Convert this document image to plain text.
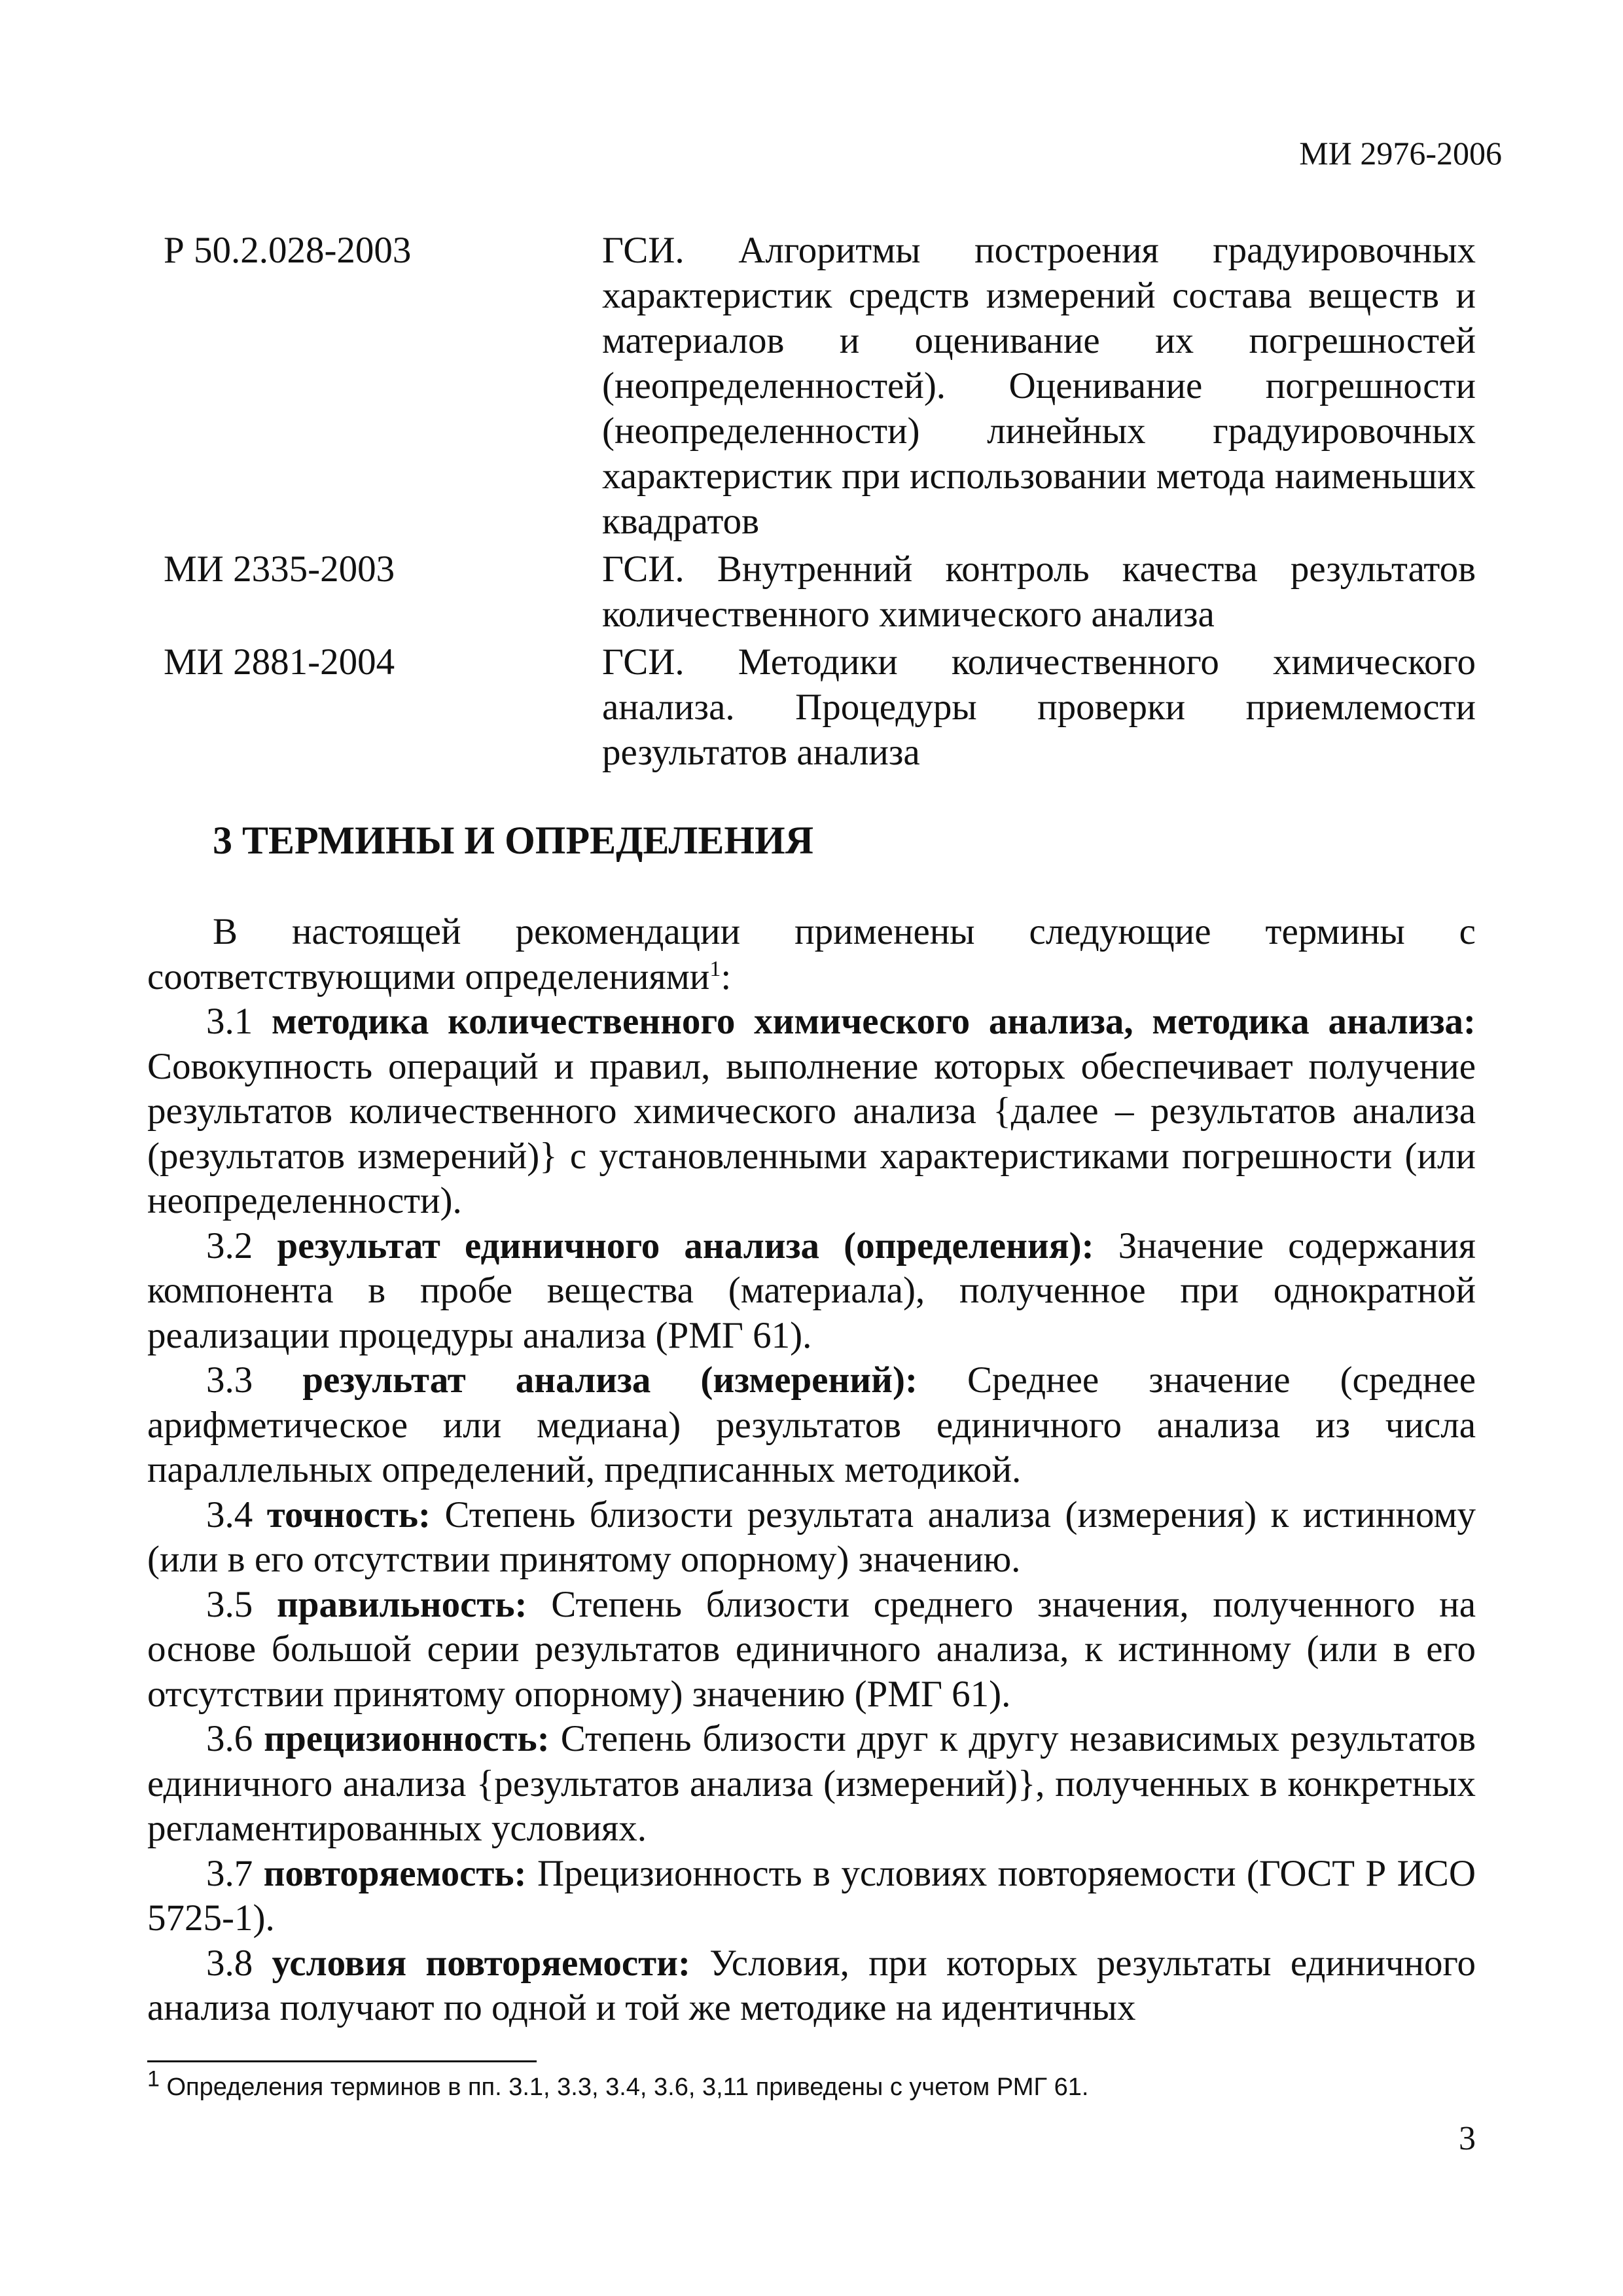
МИ 2976-2006
Р 50.2.028-2003	ГСИ. Алгоритмы построения градуировочных характеристик средств измерений состава веществ и материалов и оценивание их погрешностей (неопределенностей). Оценивание погрешности (неопределенности) линейных градуировочных характеристик при использовании метода наименьших квадратов
МИ 2335-2003	ГСИ. Внутренний контроль качества результатов количественного химического анализа
МИ 2881-2004	ГСИ. Методики количественного химического анализа. Процедуры проверки приемлемости результатов анализа
3 ТЕРМИНЫ И ОПРЕДЕЛЕНИЯ

В настоящей рекомендации применены следующие термины с соответствующими определениями$^1$:

3.1 методика количественного химического анализа, методика анализа: Совокупность операций и правил, выполнение которых обеспечивает получение результатов количественного химического анализа {далее – результатов анализа (результатов измерений)} с установленными характеристиками погрешности (или неопределенности).

3.2 результат единичного анализа (определения): Значение содержания компонента в пробе вещества (материала), полученное при однократной реализации процедуры анализа (РМГ 61).

3.3 результат анализа (измерений): Среднее значение (среднее арифметическое или медиана) результатов единичного анализа из числа параллельных определений, предписанных методикой.

3.4 точность: Степень близости результата анализа (измерения) к истинному (или в его отсутствии принятому опорному) значению.

3.5 правильность: Степень близости среднего значения, полученного на основе большой серии результатов единичного анализа, к истинному (или в его отсутствии принятому опорному) значению (РМГ 61).

3.6 прецизионность: Степень близости друг к другу независимых результатов единичного анализа {результатов анализа (измерений)}, полученных в конкретных регламентированных условиях.

3.7 повторяемость: Прецизионность в условиях повторяемости (ГОСТ Р ИСО 5725-1).

3.8 условия повторяемости: Условия, при которых результаты единичного анализа получают по одной и той же методике на идентичных

$^1$ Определения терминов в пп. 3.1, 3.3, 3.4, 3.6, 3,11 приведены с учетом РМГ 61.
3
